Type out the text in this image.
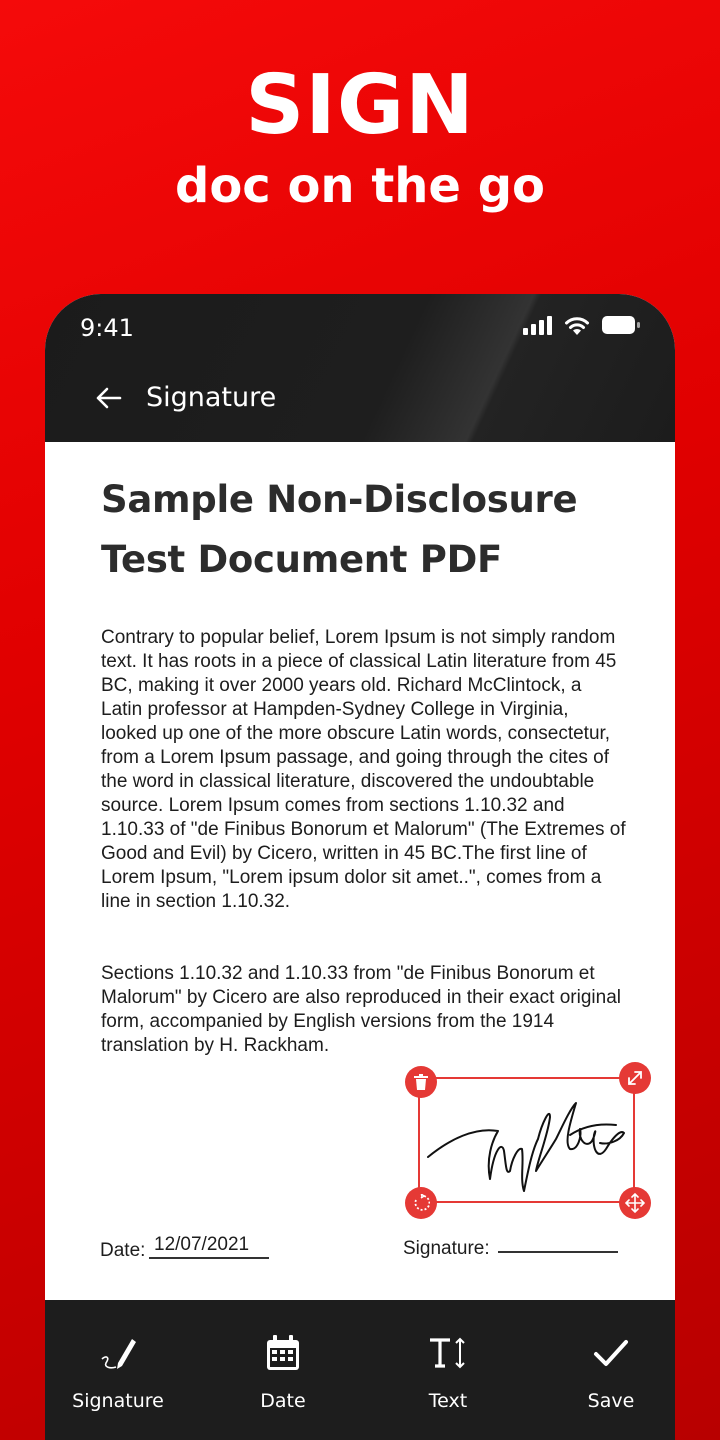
SIGN
doc on the go
9:41
Signature
Sample Non-Disclosure Test Document PDF

Contrary to popular belief, Lorem Ipsum is not simply random text. It has roots in a piece of classical Latin literature from 45 BC, making it over 2000 years old. Richard McClintock, a Latin professor at Hampden-Sydney College in Virginia, looked up one of the more obscure Latin words, consectetur, from a Lorem Ipsum passage, and going through the cites of the word in classical literature, discovered the undoubtable source. Lorem Ipsum comes from sections 1.10.32 and 1.10.33 of "de Finibus Bonorum et Malorum" (The Extremes of Good and Evil) by Cicero, written in 45 BC.The first line of Lorem Ipsum, "Lorem ipsum dolor sit amet..", comes from a line in section 1.10.32.

Sections 1.10.32 and 1.10.33 from "de Finibus Bonorum et Malorum" by Cicero are also reproduced in their exact original form, accompanied by English versions from the 1914 translation by H. Rackham.

Date: 12/07/2021	Signature:
Signature	Date	Text	Save
